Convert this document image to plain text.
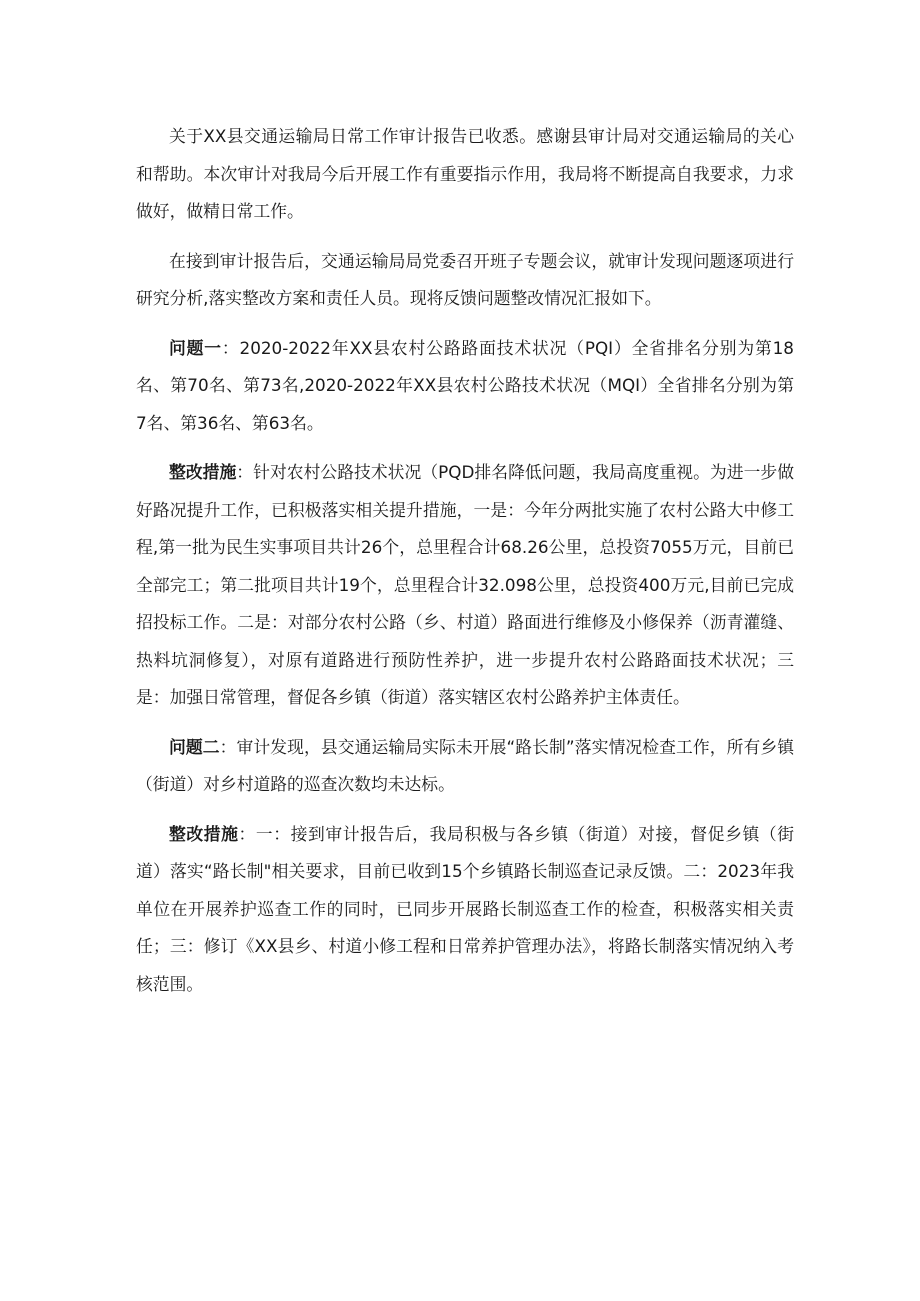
关于XX县交通运输局日常工作审计报告已收悉。感谢县审计局对交通运输局的关心和帮助。本次审计对我局今后开展工作有重要指示作用，我局将不断提高自我要求，力求做好，做精日常工作。

在接到审计报告后，交通运输局局党委召开班子专题会议，就审计发现问题逐项进行研究分析,落实整改方案和责任人员。现将反馈问题整改情况汇报如下。

问题一：2020-2022年XX县农村公路路面技术状况（PQI）全省排名分别为第18名、第70名、第73名,2020-2022年XX县农村公路技术状况（MQI）全省排名分别为第7名、第36名、第63名。

整改措施：针对农村公路技术状况（PQD排名降低问题，我局高度重视。为进一步做好路况提升工作，已积极落实相关提升措施，一是：今年分两批实施了农村公路大中修工程,第一批为民生实事项目共计26个，总里程合计68.26公里，总投资7055万元，目前已全部完工；第二批项目共计19个，总里程合计32.098公里，总投资400万元,目前已完成招投标工作。二是：对部分农村公路（乡、村道）路面进行维修及小修保养（沥青灌缝、热料坑洞修复），对原有道路进行预防性养护，进一步提升农村公路路面技术状况；三是：加强日常管理，督促各乡镇（街道）落实辖区农村公路养护主体责任。

问题二：审计发现，县交通运输局实际未开展“路长制”落实情况检查工作，所有乡镇（街道）对乡村道路的巡查次数均未达标。

整改措施：一：接到审计报告后，我局积极与各乡镇（街道）对接，督促乡镇（街道）落实“路长制"相关要求，目前已收到15个乡镇路长制巡查记录反馈。二：2023年我单位在开展养护巡查工作的同时，已同步开展路长制巡查工作的检查，积极落实相关责任；三：修订《XX县乡、村道小修工程和日常养护管理办法》，将路长制落实情况纳入考核范围。
